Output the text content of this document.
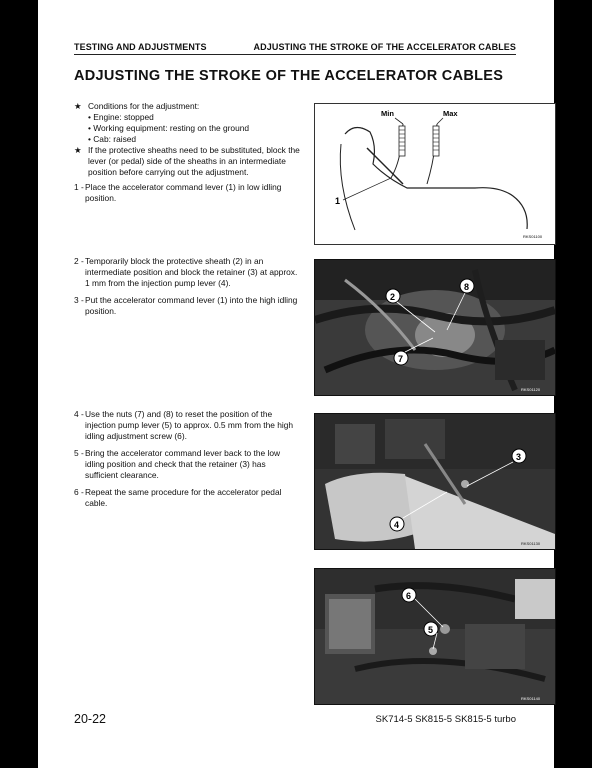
TESTING AND ADJUSTMENTS	ADJUSTING THE STROKE OF THE ACCELERATOR CABLES
ADJUSTING THE STROKE OF THE ACCELERATOR CABLES
★ Conditions for the adjustment:
• Engine: stopped
• Working equipment: resting on the ground
• Cab: raised
★ If the protective sheaths need to be substituted, block the lever (or pedal) side of the sheaths in an intermediate position before carrying out the adjustment.
1 - Place the accelerator command lever (1) in low idling position.
2 - Temporarily block the protective sheath (2) in an intermediate position and block the retainer (3) at approx. 1 mm from the injection pump lever (4).
3 - Put the accelerator command lever (1) into the high idling position.
4 - Use the nuts (7) and (8) to reset the position of the injection pump lever (5) to approx. 0.5 mm from the high idling adjustment screw (6).
5 - Bring the accelerator command lever back to the low idling position and check that the retainer (3) has sufficient clearance.
6 - Repeat the same procedure for the accelerator pedal cable.
Min	Max
1
RKS01100
2
8
7
RKS01120
3
4
RKS01130
6
5
RKS01140
20-22	SK714-5 SK815-5 SK815-5 turbo
